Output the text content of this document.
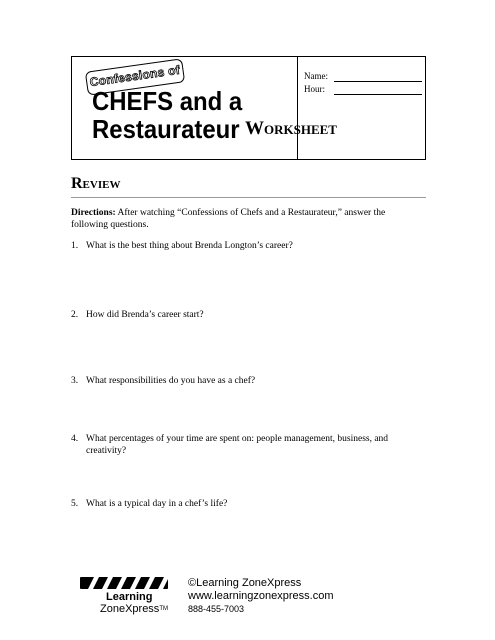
Confessions of
CHEFS and a
Restaurateur
Name:
Hour:
Worksheet
Review
Directions: After watching “Confessions of Chefs and a Restaurateur,” answer the following questions.
1. What is the best thing about Brenda Longton’s career?
2. How did Brenda’s career start?
3. What responsibilities do you have as a chef?
4. What percentages of your time are spent on: people management, business, and creativity?
5. What is a typical day in a chef’s life?
Learning
ZoneXpress™
©Learning ZoneXpress
www.learningzonexpress.com
888-455-7003
